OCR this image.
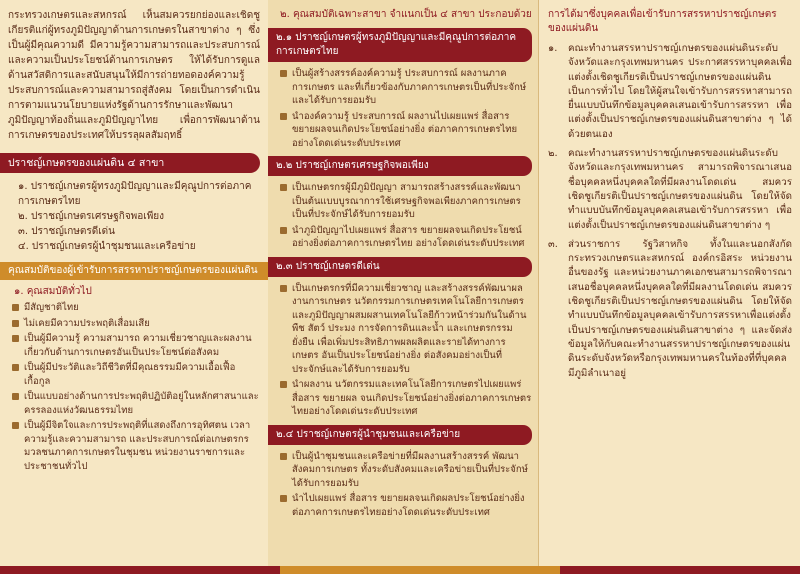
กระทรวงเกษตรและสหกรณ์ เห็นสมควรยกย่องและเชิดชูเกียรติแก่ผู้ทรงภูมิปัญญาด้านการเกษตรในสาขาต่าง ๆ ซึ่งเป็นผู้มีคุณความดี มีความรู้ความสามารถและประสบการณ์และความเป็นประโยชน์ด้านการเกษตร ให้ได้รับการดูแลด้านสวัสดิการและสนับสนุนให้มีการถ่ายทอดองค์ความรู้ ประสบการณ์และความสามารถสู่สังคม โดยเป็นการดำเนินการตามแนวนโยบายแห่งรัฐด้านการรักษาและพัฒนาภูมิปัญญาท้องถิ่นและภูมิปัญญาไทย เพื่อการพัฒนาด้านการเกษตรของประเทศให้บรรลุผลสัมฤทธิ์

ปราชญ์เกษตรของแผ่นดิน ๔ สาขา
๑. ปราชญ์เกษตรผู้ทรงภูมิปัญญาและมีคุณูปการต่อภาคการเกษตรไทย
๒. ปราชญ์เกษตรเศรษฐกิจพอเพียง
๓. ปราชญ์เกษตรดีเด่น
๔. ปราชญ์เกษตรผู้นำชุมชนและเครือข่าย
คุณสมบัติของผู้เข้ารับการสรรหาปราชญ์เกษตรของแผ่นดิน
๑. คุณสมบัติทั่วไป
มีสัญชาติไทย
ไม่เคยมีความประพฤติเสื่อมเสีย
เป็นผู้มีความรู้ ความสามารถ ความเชี่ยวชาญและผลงานเกี่ยวกับด้านการเกษตรอันเป็นประโยชน์ต่อสังคม
เป็นผู้มีประวัติและวิถีชีวิตที่มีคุณธรรมมีความเอื้อเฟื้อเกื้อกูล
เป็นแบบอย่างด้านการประพฤติปฏิบัติอยู่ในหลักศาสนาและครรลองแห่งวัฒนธรรมไทย
เป็นผู้มีจิตใจและการประพฤติที่แสดงถึงการอุทิศตน เวลา ความรู้และความสามารถ และประสบการณ์ต่อเกษตรกร มวลชนภาคการเกษตรในชุมชน หน่วยงานราชการและประชาชนทั่วไป
๒. คุณสมบัติเฉพาะสาขา จำแนกเป็น ๔ สาขา ประกอบด้วย
๒.๑ ปราชญ์เกษตรผู้ทรงภูมิปัญญาและมีคุณูปการต่อภาคการเกษตรไทย
เป็นผู้สร้างสรรค์องค์ความรู้ ประสบการณ์ ผลงานภาคการเกษตร และที่เกี่ยวข้องกับภาคการเกษตรเป็นที่ประจักษ์และได้รับการยอมรับ
นำองค์ความรู้ ประสบการณ์ ผลงานไปเผยแพร่ สื่อสาร ขยายผลจนเกิดประโยชน์อย่างยิ่ง ต่อภาคการเกษตรไทยอย่างโดดเด่นระดับประเทศ
๒.๒ ปราชญ์เกษตรเศรษฐกิจพอเพียง
เป็นเกษตรกรผู้มีภูมิปัญญา สามารถสร้างสรรค์และพัฒนาเป็นต้นแบบบูรณาการใช้เศรษฐกิจพอเพียงภาคการเกษตร เป็นที่ประจักษ์ได้รับการยอมรับ
นำภูมิปัญญาไปเผยแพร่ สื่อสาร ขยายผลจนเกิดประโยชน์อย่างยิ่งต่อภาคการเกษตรไทย อย่างโดดเด่นระดับประเทศ
๒.๓ ปราชญ์เกษตรดีเด่น
เป็นเกษตรกรที่มีความเชี่ยวชาญ และสร้างสรรค์พัฒนาผลงานการเกษตร นวัตกรรมการเกษตรเทคโนโลยีการเกษตร และภูมิปัญญาผสมผสานเทคโนโลยีก้าวหน้าร่วมกันในด้านพืช สัตว์ ประมง การจัดการดินและน้ำ และเกษตรกรรมยั่งยืน เพื่อเพิ่มประสิทธิภาพผลผลิตและรายได้ทางการเกษตร อันเป็นประโยชน์อย่างยิ่ง ต่อสังคมอย่างเป็นที่ประจักษ์และได้รับการยอมรับ
นำผลงาน นวัตกรรมและเทคโนโลยีการเกษตรไปเผยแพร่ สื่อสาร ขยายผล จนเกิดประโยชน์อย่างยิ่งต่อภาคการเกษตรไทยอย่างโดดเด่นระดับประเทศ
๒.๔ ปราชญ์เกษตรผู้นำชุมชนและเครือข่าย
เป็นผู้นำชุมชนและเครือข่ายที่มีผลงานสร้างสรรค์ พัฒนาสังคมการเกษตร ทั้งระดับสังคมและเครือข่ายเป็นที่ประจักษ์ได้รับการยอมรับ
นำไปเผยแพร่ สื่อสาร ขยายผลจนเกิดผลประโยชน์อย่างยิ่งต่อภาคการเกษตรไทยอย่างโดดเด่นระดับประเทศ
การได้มาซึ่งบุคคลเพื่อเข้ารับการสรรหาปราชญ์เกษตรของแผ่นดิน
๑.	คณะทำงานสรรหาปราชญ์เกษตรของแผ่นดินระดับจังหวัดและกรุงเทพมหานคร ประกาศสรรหาบุคคลเพื่อแต่งตั้งเชิดชูเกียรติเป็นปราชญ์เกษตรของแผ่นดินเป็นการทั่วไป โดยให้ผู้สนใจเข้ารับการสรรหาสามารถยื่นแบบบันทึกข้อมูลบุคคลเสนอเข้ารับการสรรหา เพื่อแต่งตั้งเป็นปราชญ์เกษตรของแผ่นดินสาขาต่าง ๆ ได้ด้วยตนเอง
๒.	คณะทำงานสรรหาปราชญ์เกษตรของแผ่นดินระดับจังหวัดและกรุงเทพมหานคร สามารถพิจารณาเสนอชื่อบุคคลหนึ่งบุคคลใดที่มีผลงานโดดเด่น สมควรเชิดชูเกียรติเป็นปราชญ์เกษตรของแผ่นดิน โดยให้จัดทำแบบบันทึกข้อมูลบุคคลเสนอเข้ารับการสรรหา เพื่อแต่งตั้งเป็นปราชญ์เกษตรของแผ่นดินสาขาต่าง ๆ
๓.	ส่วนราชการ รัฐวิสาหกิจ ทั้งในและนอกสังกัดกระทรวงเกษตรและสหกรณ์ องค์กรอิสระ หน่วยงานอื่นของรัฐ และหน่วยงานภาคเอกชนสามารถพิจารณาเสนอชื่อบุคคลหนึ่งบุคคลใดที่มีผลงานโดดเด่น สมควรเชิดชูเกียรติเป็นปราชญ์เกษตรของแผ่นดิน โดยให้จัดทำแบบบันทึกข้อมูลบุคคลเข้ารับการสรรหาเพื่อแต่งตั้งเป็นปราชญ์เกษตรของแผ่นดินสาขาต่าง ๆ และจัดส่งข้อมูลให้กับคณะทำงานสรรหาปราชญ์เกษตรของแผ่นดินระดับจังหวัดหรือกรุงเทพมหานครในท้องที่ที่บุคคลมีภูมิลำเนาอยู่
